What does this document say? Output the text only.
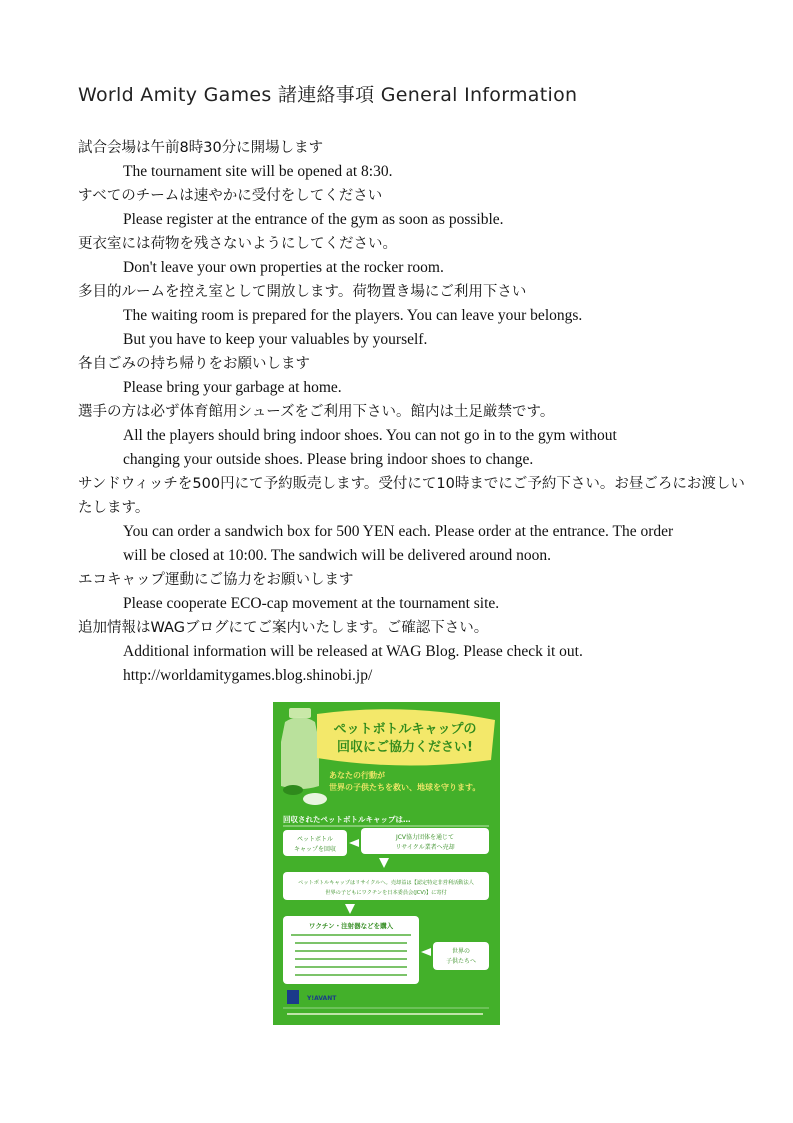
World Amity Games 諸連絡事項 General Information
試合会場は午前8時30分に開場します
The tournament site will be opened at 8:30.
すべてのチームは速やかに受付をしてください
Please register at the entrance of the gym as soon as possible.
更衣室には荷物を残さないようにしてください。
Don't leave your own properties at the rocker room.
多目的ルームを控え室として開放します。荷物置き場にご利用下さい
The waiting room is prepared for the players. You can leave your belongs.
But you have to keep your valuables by yourself.
各自ごみの持ち帰りをお願いします
Please bring your garbage at home.
選手の方は必ず体育館用シューズをご利用下さい。館内は土足厳禁です。
All the players should bring indoor shoes. You can not go in to the gym without
changing your outside shoes. Please bring indoor shoes to change.
サンドウィッチを500円にて予約販売します。受付にて10時までにご予約下さい。お昼ごろにお渡しいたします。
You can order a sandwich box for 500 YEN each. Please order at the entrance. The order
will be closed at 10:00. The sandwich will be delivered around noon.
エコキャップ運動にご協力をお願いします
Please cooperate ECO-cap movement at the tournament site.
追加情報はWAGブログにてご案内いたします。ご確認下さい。
Additional information will be released at WAG Blog. Please check it out.
http://worldamitygames.blog.shinobi.jp/
ペットボトルキャップの
回収にご協力ください!
あなたの行動が
世界の子供たちを救い、地球を守ります。
回収されたペットボトルキャップは…
ペットボトル
キャップを回収
JCV協力団体を通じて
リサイクル業者へ売却
ペットボトルキャップはリサイクルへ。売却益は【認定特定非営利活動法人
世界の子どもにワクチンを日本委員会(JCV)】に寄付
ワクチン・注射器などを購入
世界の
子供たちへ
Y!AVANT
